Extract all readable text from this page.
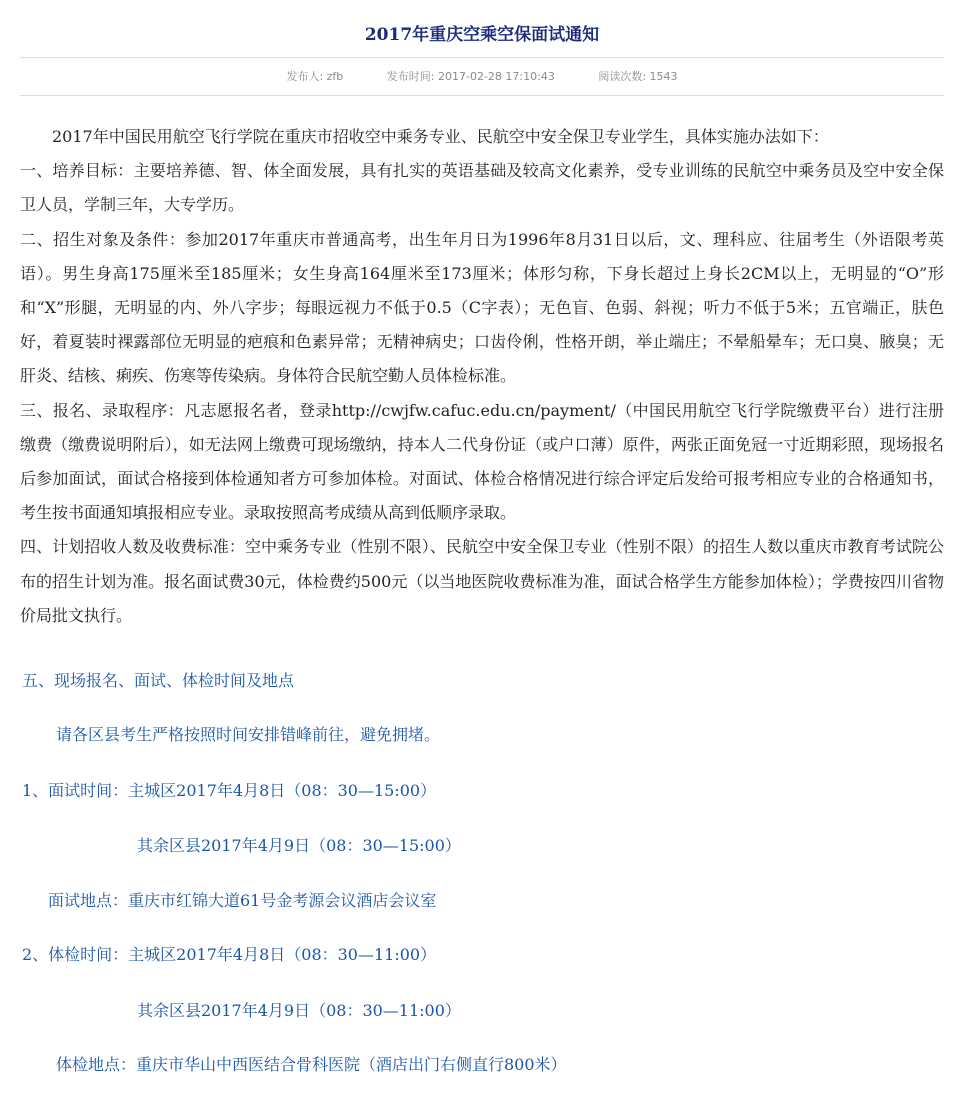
2017年重庆空乘空保面试通知
发布人: zfb	发布时间: 2017-02-28 17:10:43	阅读次数: 1543

2017年中国民用航空飞行学院在重庆市招收空中乘务专业、民航空中安全保卫专业学生，具体实施办法如下：

一、培养目标：主要培养德、智、体全面发展，具有扎实的英语基础及较高文化素养，受专业训练的民航空中乘务员及空中安全保卫人员，学制三年，大专学历。

二、招生对象及条件：参加2017年重庆市普通高考，出生年月日为1996年8月31日以后，文、理科应、往届考生（外语限考英语）。男生身高175厘米至185厘米；女生身高164厘米至173厘米；体形匀称，下身长超过上身长2CM以上，无明显的“O”形和“X”形腿，无明显的内、外八字步；每眼远视力不低于0.5（C字表）；无色盲、色弱、斜视；听力不低于5米；五官端正，肤色好，着夏装时裸露部位无明显的疤痕和色素异常；无精神病史；口齿伶俐，性格开朗，举止端庄；不晕船晕车；无口臭、腋臭；无肝炎、结核、痢疾、伤寒等传染病。身体符合民航空勤人员体检标准。

三、报名、录取程序：凡志愿报名者，登录http://cwjfw.cafuc.edu.cn/payment/（中国民用航空飞行学院缴费平台）进行注册缴费（缴费说明附后），如无法网上缴费可现场缴纳，持本人二代身份证（或户口薄）原件，两张正面免冠一寸近期彩照，现场报名后参加面试，面试合格接到体检通知者方可参加体检。对面试、体检合格情况进行综合评定后发给可报考相应专业的合格通知书，考生按书面通知填报相应专业。录取按照高考成绩从高到低顺序录取。

四、计划招收人数及收费标准：空中乘务专业（性别不限）、民航空中安全保卫专业（性别不限）的招生人数以重庆市教育考试院公布的招生计划为准。报名面试费30元，体检费约500元（以当地医院收费标准为准，面试合格学生方能参加体检）；学费按四川省物价局批文执行。

五、现场报名、面试、体检时间及地点

请各区县考生严格按照时间安排错峰前往，避免拥堵。

1、面试时间：主城区2017年4月8日（08：30—15:00）

其余区县2017年4月9日（08：30—15:00）

面试地点：重庆市红锦大道61号金考源会议酒店会议室

2、体检时间：主城区2017年4月8日（08：30—11:00）

其余区县2017年4月9日（08：30—11:00）

体检地点：重庆市华山中西医结合骨科医院（酒店出门右侧直行800米）
